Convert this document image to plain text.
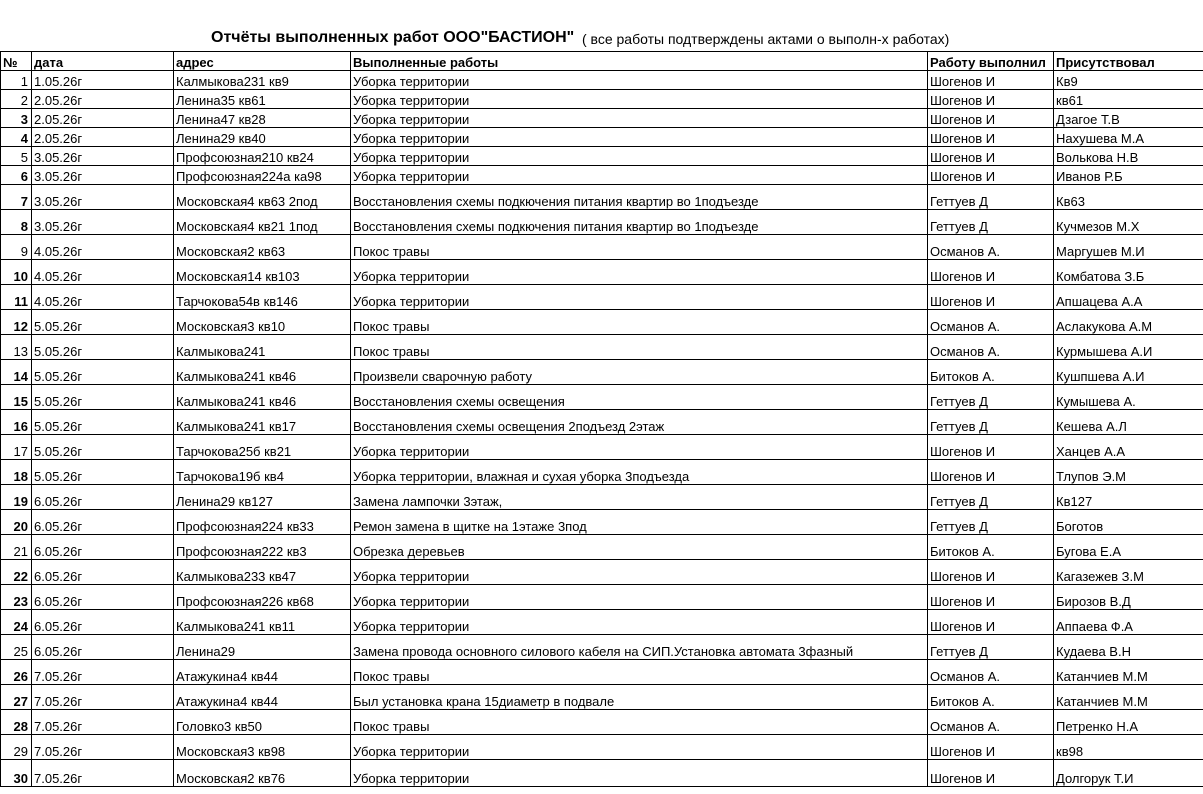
Отчёты выполненных работ ООО"БАСТИОН" ( все работы подтверждены актами о выполн-х работах)
№	дата	адрес	Выполненные работы	Работу выполнил	Присутствовал
1	1.05.26г	Калмыкова231 кв9	Уборка территории	Шогенов И	Кв9
2	2.05.26г	Ленина35 кв61	Уборка территории	Шогенов И	кв61
3	2.05.26г	Ленина47 кв28	Уборка территории	Шогенов И	Дзагое Т.В
4	2.05.26г	Ленина29 кв40	Уборка территории	Шогенов И	Нахушева М.А
5	3.05.26г	Профсоюзная210 кв24	Уборка территории	Шогенов И	Волькова Н.В
6	3.05.26г	Профсоюзная224а ка98	Уборка территории	Шогенов И	Иванов Р.Б
7	3.05.26г	Московская4 кв63 2под	Восстановления схемы подкючения питания квартир во 1подъезде	Геттуев Д	Кв63
8	3.05.26г	Московская4 кв21 1под	Восстановления схемы подкючения питания квартир во 1подъезде	Геттуев Д	Кучмезов М.Х
9	4.05.26г	Московская2 кв63	Покос травы	Османов А.	Маргушев М.И
10	4.05.26г	Московская14 кв103	Уборка территории	Шогенов И	Комбатова З.Б
11	4.05.26г	Тарчокова54в кв146	Уборка территории	Шогенов И	Апшацева А.А
12	5.05.26г	Московская3 кв10	Покос травы	Османов А.	Аслакукова А.М
13	5.05.26г	Калмыкова241	Покос травы	Османов А.	Курмышева А.И
14	5.05.26г	Калмыкова241 кв46	Произвели сварочную работу	Битоков А.	Кушпшева А.И
15	5.05.26г	Калмыкова241 кв46	Восстановления схемы освещения	Геттуев Д	Кумышева А.
16	5.05.26г	Калмыкова241 кв17	Восстановления схемы освещения 2подъезд 2этаж	Геттуев Д	Кешева А.Л
17	5.05.26г	Тарчокова25б кв21	Уборка территории	Шогенов И	Ханцев А.А
18	5.05.26г	Тарчокова19б кв4	Уборка территории, влажная и сухая уборка 3подъезда	Шогенов И	Тлупов Э.М
19	6.05.26г	Ленина29 кв127	Замена лампочки 3этаж,	Геттуев Д	Кв127
20	6.05.26г	Профсоюзная224 кв33	Ремон замена в щитке на 1этаже 3под	Геттуев Д	Боготов
21	6.05.26г	Профсоюзная222 кв3	Обрезка деревьев	Битоков А.	Бугова Е.А
22	6.05.26г	Калмыкова233 кв47	Уборка территории	Шогенов И	Кагазежев З.М
23	6.05.26г	Профсоюзная226 кв68	Уборка территории	Шогенов И	Бирозов В.Д
24	6.05.26г	Калмыкова241 кв11	Уборка территории	Шогенов И	Аппаева Ф.А
25	6.05.26г	Ленина29	Замена провода основного силового кабеля на СИП.Установка автомата 3фазный	Геттуев Д	Кудаева В.Н
26	7.05.26г	Атажукина4 кв44	Покос травы	Османов А.	Катанчиев М.М
27	7.05.26г	Атажукина4 кв44	Был установка крана 15диаметр в подвале	Битоков А.	Катанчиев М.М
28	7.05.26г	Головко3 кв50	Покос травы	Османов А.	Петренко Н.А
29	7.05.26г	Московская3 кв98	Уборка территории	Шогенов И	кв98
30	7.05.26г	Московская2 кв76	Уборка территории	Шогенов И	Долгорук Т.И
